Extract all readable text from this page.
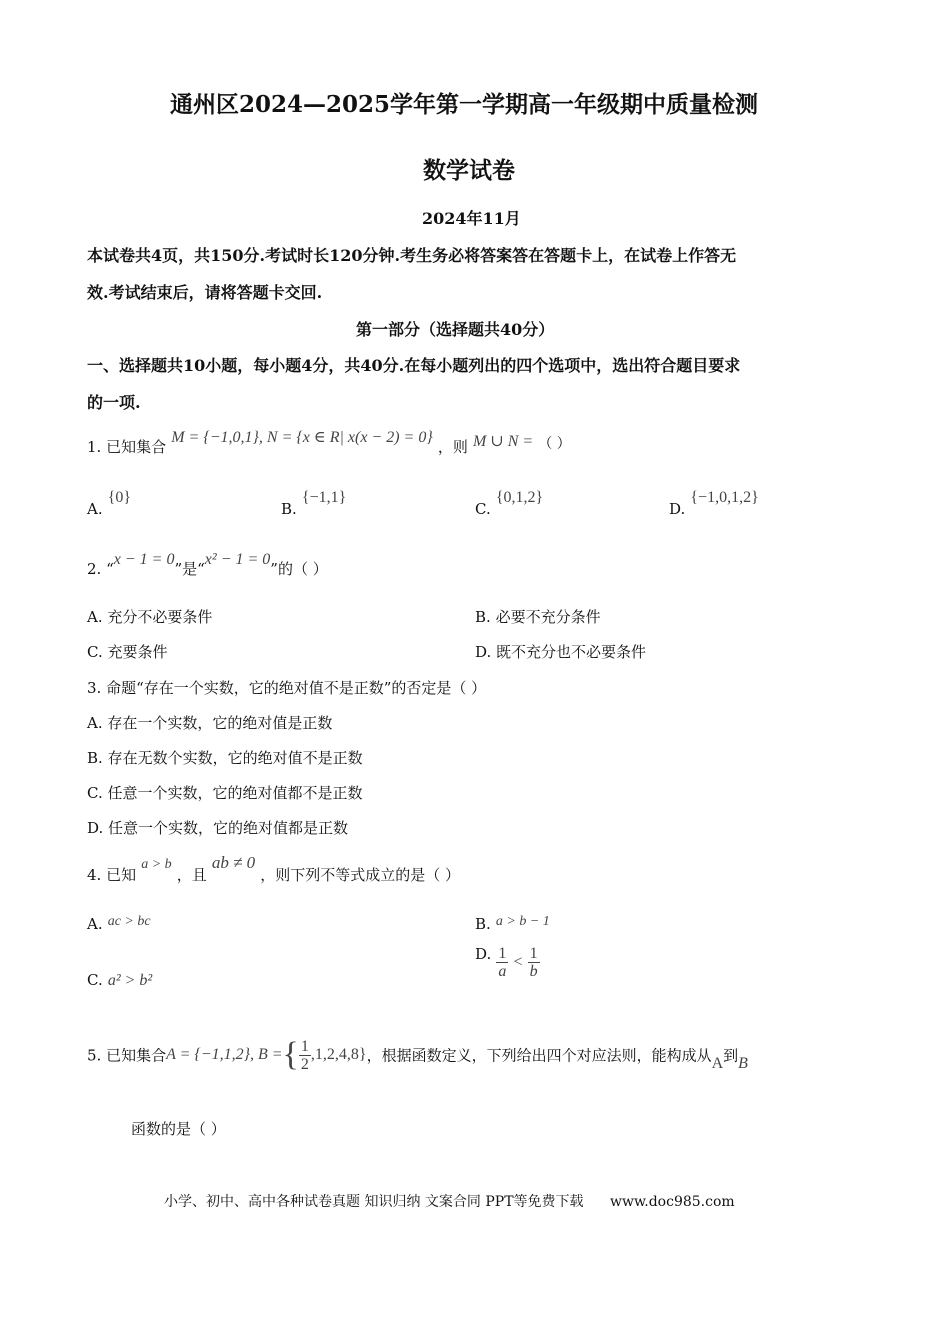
通州区2024—2025学年第一学期高一年级期中质量检测
数学试卷
2024年11月
本试卷共4页，共150分.考试时长120分钟.考生务必将答案答在答题卡上，在试卷上作答无
效.考试结束后，请将答题卡交回.
第一部分（选择题共40分）
一、选择题共10小题，每小题4分，共40分.在每小题列出的四个选项中，选出符合题目要求
的一项.
1. 已知集合 M = {−1,0,1}, N = {x ∈ R| x(x − 2) = 0} ，则 M ∪ N = （ ）
A. {0}
B. {−1,1}
C. {0,1,2}
D. {−1,0,1,2}
2. “x − 1 = 0”是“x² − 1 = 0”的（ ）
A. 充分不必要条件	B. 必要不充分条件
C. 充要条件	D. 既不充分也不必要条件
3. 命题“存在一个实数，它的绝对值不是正数”的否定是（ ）
A. 存在一个实数，它的绝对值是正数
B. 存在无数个实数，它的绝对值不是正数
C. 任意一个实数，它的绝对值都不是正数
D. 任意一个实数，它的绝对值都是正数
4. 已知 a > b ，且 ab ≠ 0 ，则下列不等式成立的是（ ）
A. ac > bc	B. a > b − 1
C. a² > b²
D. $\frac{1}{a} < \frac{1}{b}$
5. 已知集合A = {−1,1,2}, B ={ $\frac{1}{2} ,1,2,4,8$}，根据函数定义，下列给出四个对应法则，能构成从A到B
函数的是（ ）
小学、初中、高中各种试卷真题 知识归纳 文案合同 PPT等免费下载 www.doc985.com
